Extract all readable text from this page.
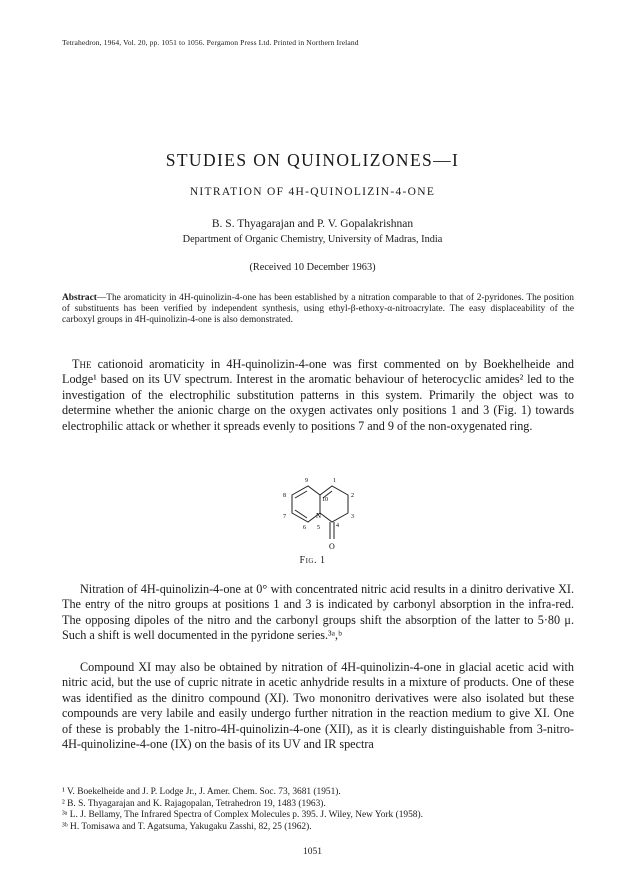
Tetrahedron, 1964, Vol. 20, pp. 1051 to 1056. Pergamon Press Ltd. Printed in Northern Ireland
STUDIES ON QUINOLIZONES—I
NITRATION OF 4H-QUINOLIZIN-4-ONE
B. S. Thyagarajan and P. V. Gopalakrishnan
Department of Organic Chemistry, University of Madras, India
(Received 10 December 1963)
Abstract—The aromaticity in 4H-quinolizin-4-one has been established by a nitration comparable to that of 2-pyridones. The position of substituents has been verified by independent synthesis, using ethyl-β-ethoxy-α-nitroacrylate. The easy displaceability of the carboxyl groups in 4H-quinolizin-4-one is also demonstrated.
The cationoid aromaticity in 4H-quinolizin-4-one was first commented on by Boekhelheide and Lodge¹ based on its UV spectrum. Interest in the aromatic behaviour of heterocyclic amides² led to the investigation of the electrophilic substitution patterns in this system. Primarily the object was to determine whether the anionic charge on the oxygen activates only positions 1 and 3 (Fig. 1) towards electrophilic attack or whether it spreads evenly to positions 7 and 9 of the non-oxygenated ring.
9	1
8
10
2
7	N	3
6 5	4
O
Fig. 1
Nitration of 4H-quinolizin-4-one at 0° with concentrated nitric acid results in a dinitro derivative XI. The entry of the nitro groups at positions 1 and 3 is indicated by carbonyl absorption in the infra-red. The opposing dipoles of the nitro and the carbonyl groups shift the absorption of the latter to 5·80 μ. Such a shift is well documented in the pyridone series.³ᵃ,ᵇ
Compound XI may also be obtained by nitration of 4H-quinolizin-4-one in glacial acetic acid with nitric acid, but the use of cupric nitrate in acetic anhydride results in a mixture of products. One of these was identified as the dinitro compound (XI). Two mononitro derivatives were also isolated but these compounds are very labile and easily undergo further nitration in the reaction medium to give XI. One of these is probably the 1-nitro-4H-quinolizin-4-one (XII), as it is clearly distinguishable from 3-nitro-4H-quinolizine-4-one (IX) on the basis of its UV and IR spectra
¹ V. Boekelheide and J. P. Lodge Jr., J. Amer. Chem. Soc. 73, 3681 (1951).
² B. S. Thyagarajan and K. Rajagopalan, Tetrahedron 19, 1483 (1963).
³ᵃ L. J. Bellamy, The Infrared Spectra of Complex Molecules p. 395. J. Wiley, New York (1958).
³ᵇ H. Tomisawa and T. Agatsuma, Yakugaku Zasshi, 82, 25 (1962).
1051
